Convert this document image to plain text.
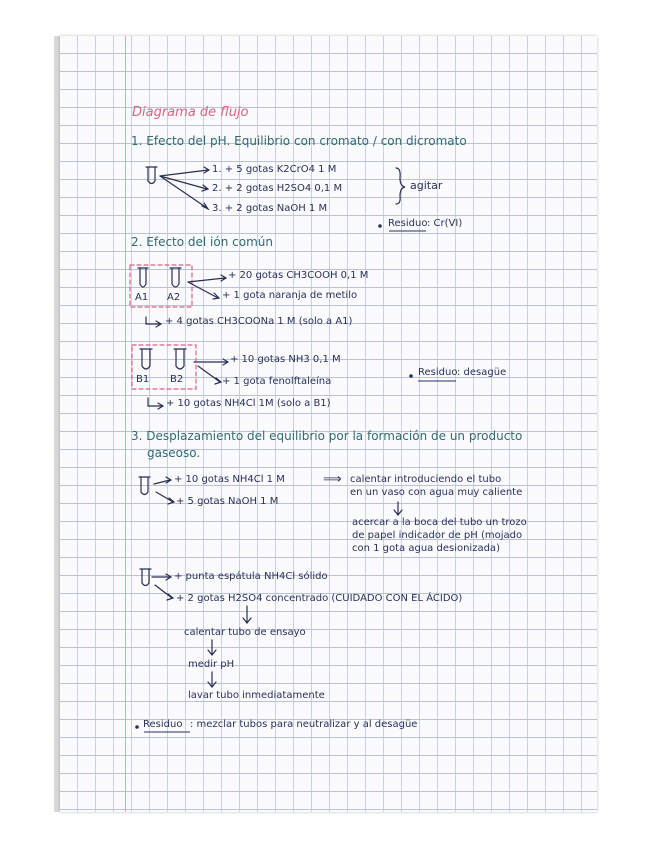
Diagrama de flujo
1. Efecto del pH. Equilibrio con cromato / con dicromato
1. + 5 gotas K2CrO4 1 M
2. + 2 gotas H2SO4 0,1 M
3. + 2 gotas NaOH 1 M
agitar
Residuo : Cr(VI)
2. Efecto del ión común
A1 A2
+ 20 gotas CH3COOH 0,1 M
+ 1 gota naranja de metilo
+ 4 gotas CH3COONa 1 M (solo a A1)
B1 B2
+ 10 gotas NH3 0,1 M
+ 1 gota fenolftaleína
+ 10 gotas NH4Cl 1M (solo a B1)
Residuo : desagüe
3. Desplazamiento del equilibrio por la formación de un producto
gaseoso.
+ 10 gotas NH4Cl 1 M
+ 5 gotas NaOH 1 M
⟹ calentar introduciendo el tubo
en un vaso con agua muy caliente
acercar a la boca del tubo un trozo
de papel indicador de pH (mojado
con 1 gota agua desionizada)
+ punta espátula NH4Cl sólido
+ 2 gotas H2SO4 concentrado (CUIDADO CON EL ÁCIDO)
calentar tubo de ensayo
medir pH
lavar tubo inmediatamente
Residuo : mezclar tubos para neutralizar y al desagüe
